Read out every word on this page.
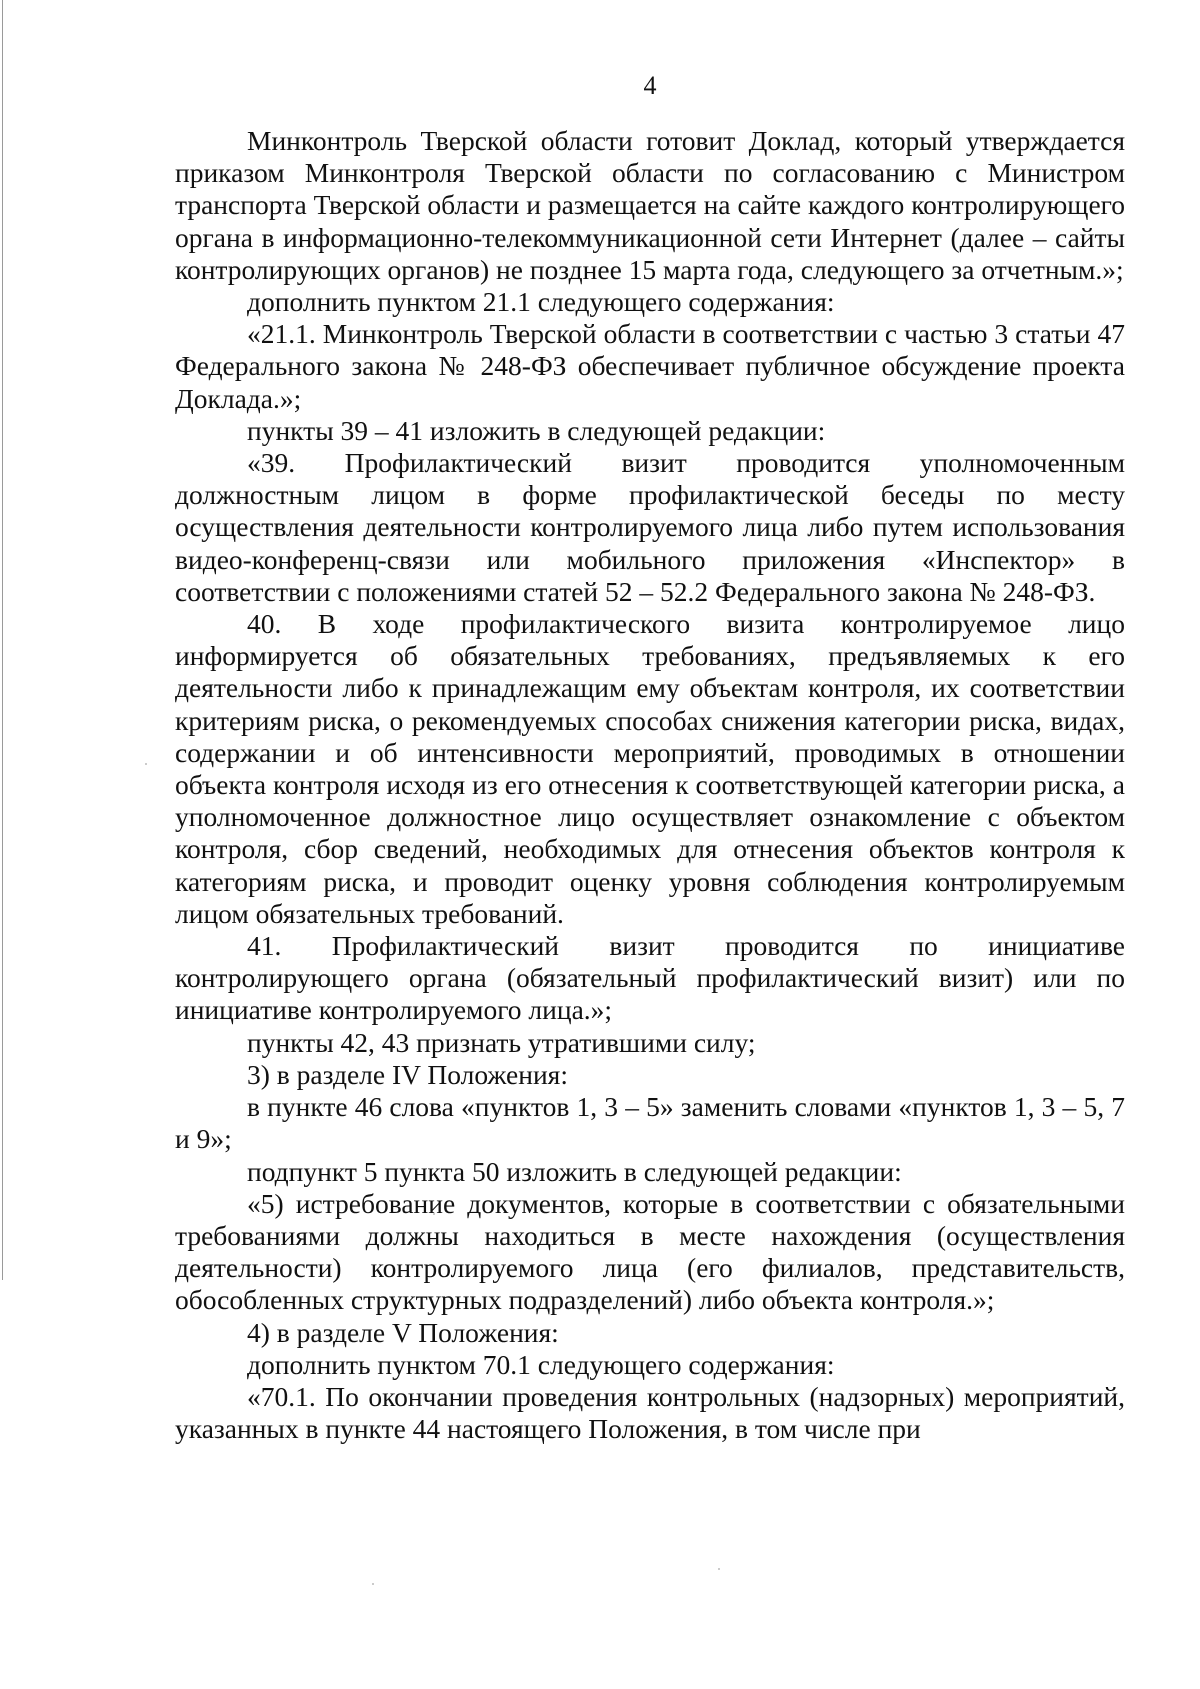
4

Минконтроль Тверской области готовит Доклад, который утверждается приказом Минконтроля Тверской области по согласованию с Министром транспорта Тверской области и размещается на сайте каждого контролирующего органа в информационно-телекоммуникационной сети Интернет (далее – сайты контролирующих органов) не позднее 15 марта года, следующего за отчетным.»;

дополнить пунктом 21.1 следующего содержания:

«21.1. Минконтроль Тверской области в соответствии с частью 3 статьи 47 Федерального закона № 248-ФЗ обеспечивает публичное обсуждение проекта Доклада.»;

пункты 39 – 41 изложить в следующей редакции:

«39. Профилактический визит проводится уполномоченным должностным лицом в форме профилактической беседы по месту осуществления деятельности контролируемого лица либо путем использования видео-конференц-связи или мобильного приложения «Инспектор» в соответствии с положениями статей 52 – 52.2 Федерального закона № 248-ФЗ.

40. В ходе профилактического визита контролируемое лицо информируется об обязательных требованиях, предъявляемых к его деятельности либо к принадлежащим ему объектам контроля, их соответствии критериям риска, о рекомендуемых способах снижения категории риска, видах, содержании и об интенсивности мероприятий, проводимых в отношении объекта контроля исходя из его отнесения к соответствующей категории риска, а уполномоченное должностное лицо осуществляет ознакомление с объектом контроля, сбор сведений, необходимых для отнесения объектов контроля к категориям риска, и проводит оценку уровня соблюдения контролируемым лицом обязательных требований.

41. Профилактический визит проводится по инициативе контролирующего органа (обязательный профилактический визит) или по инициативе контролируемого лица.»;

пункты 42, 43 признать утратившими силу;

3) в разделе IV Положения:

в пункте 46 слова «пунктов 1, 3 – 5» заменить словами «пунктов 1, 3 – 5, 7 и 9»;

подпункт 5 пункта 50 изложить в следующей редакции:

«5) истребование документов, которые в соответствии с обязательными требованиями должны находиться в месте нахождения (осуществления деятельности) контролируемого лица (его филиалов, представительств, обособленных структурных подразделений) либо объекта контроля.»;

4) в разделе V Положения:

дополнить пунктом 70.1 следующего содержания:

«70.1. По окончании проведения контрольных (надзорных) мероприятий, указанных в пункте 44 настоящего Положения, в том числе при
